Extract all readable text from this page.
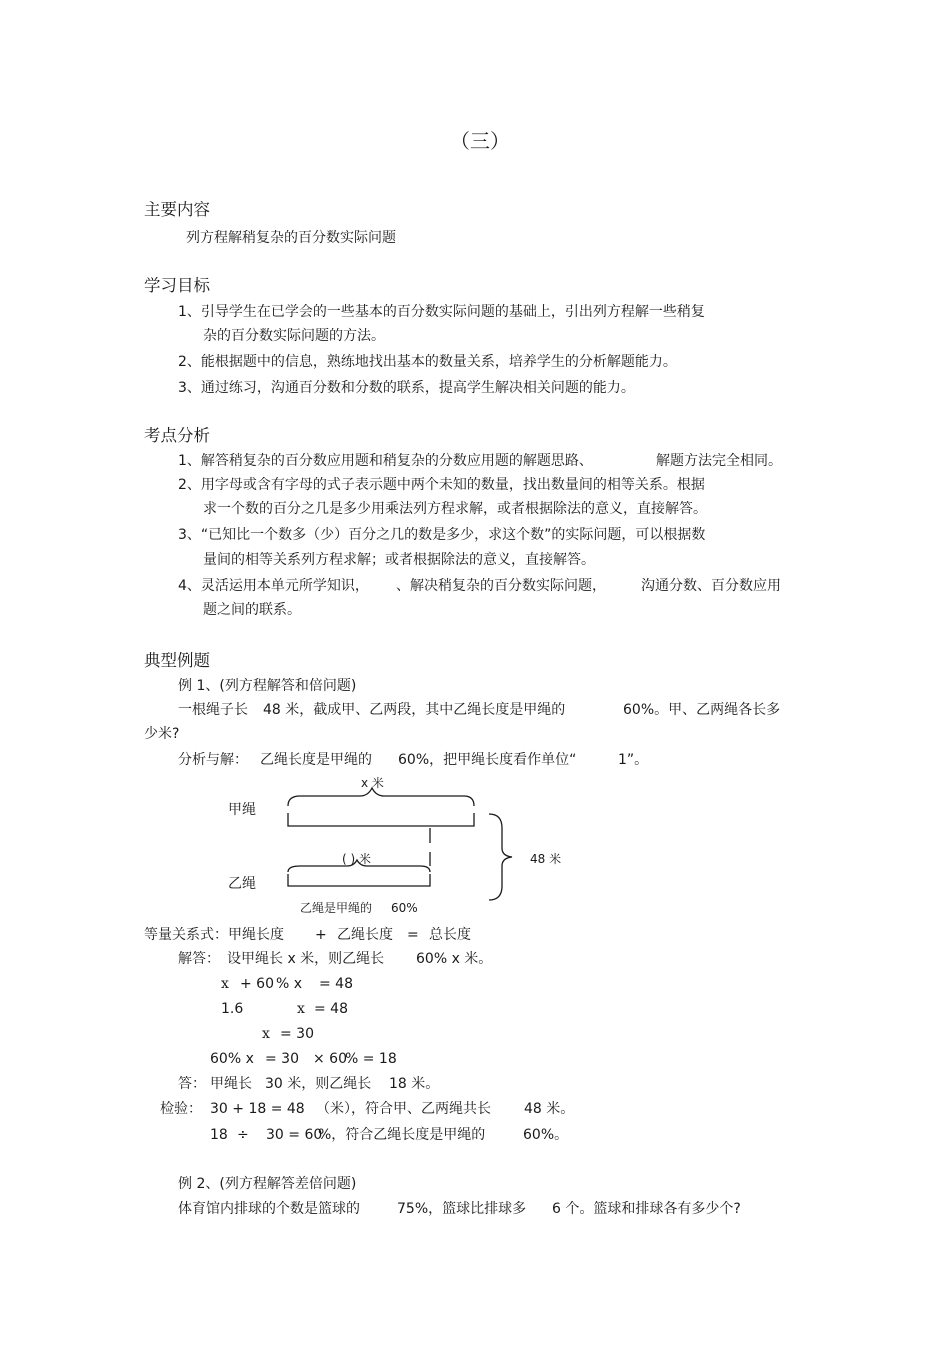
（三）
主要内容
列方程解稍复杂的百分数实际问题
学习目标
1、引导学生在已学会的一些基本的百分数实际问题的基础上，引出列方程解一些稍复
杂的百分数实际问题的方法。
2、能根据题中的信息，熟练地找出基本的数量关系，培养学生的分析解题能力。
3、通过练习，沟通百分数和分数的联系，提高学生解决相关问题的能力。
考点分析
1、解答稍复杂的百分数应用题和稍复杂的分数应用题的解题思路、	解题方法完全相同。
2、用字母或含有字母的式子表示题中两个未知的数量，找出数量间的相等关系。根据
求一个数的百分之几是多少用乘法列方程求解，或者根据除法的意义，直接解答。
3、“已知比一个数多（少）百分之几的数是多少，求这个数”的实际问题，可以根据数
量间的相等关系列方程求解；或者根据除法的意义，直接解答。
4、灵活运用本单元所学知识， 、解决稍复杂的百分数实际问题，	沟通分数、百分数应用
题之间的联系。
典型例题
例 1、(列方程解答和倍问题)
一根绳子长 48 米，截成甲、乙两段，其中乙绳长度是甲绳的	60%。甲、乙两绳各长多
少米?
分析与解： 乙绳长度是甲绳的 60%，把甲绳长度看作单位“	1”。
x 米
甲绳
( ) 米	48 米
乙绳
乙绳是甲绳的 60%
等量关系式：甲绳长度 + 乙绳长度 = 总长度
解答： 设甲绳长 x 米，则乙绳长 60% x 米。
x + 60 % x = 48
1.6	x = 48
x = 30
60% x = 30 × 60
% = 18
答： 甲绳长 30 米，则乙绳长 18 米。
检验： 30 + 18 = 48 （米），符合甲、乙两绳共长 48 米。
18 ÷ 30 = 60
%，符合乙绳长度是甲绳的	60%。
例 2、(列方程解答差倍问题)
体育馆内排球的个数是篮球的	75%，篮球比排球多 6 个。篮球和排球各有多少个?
